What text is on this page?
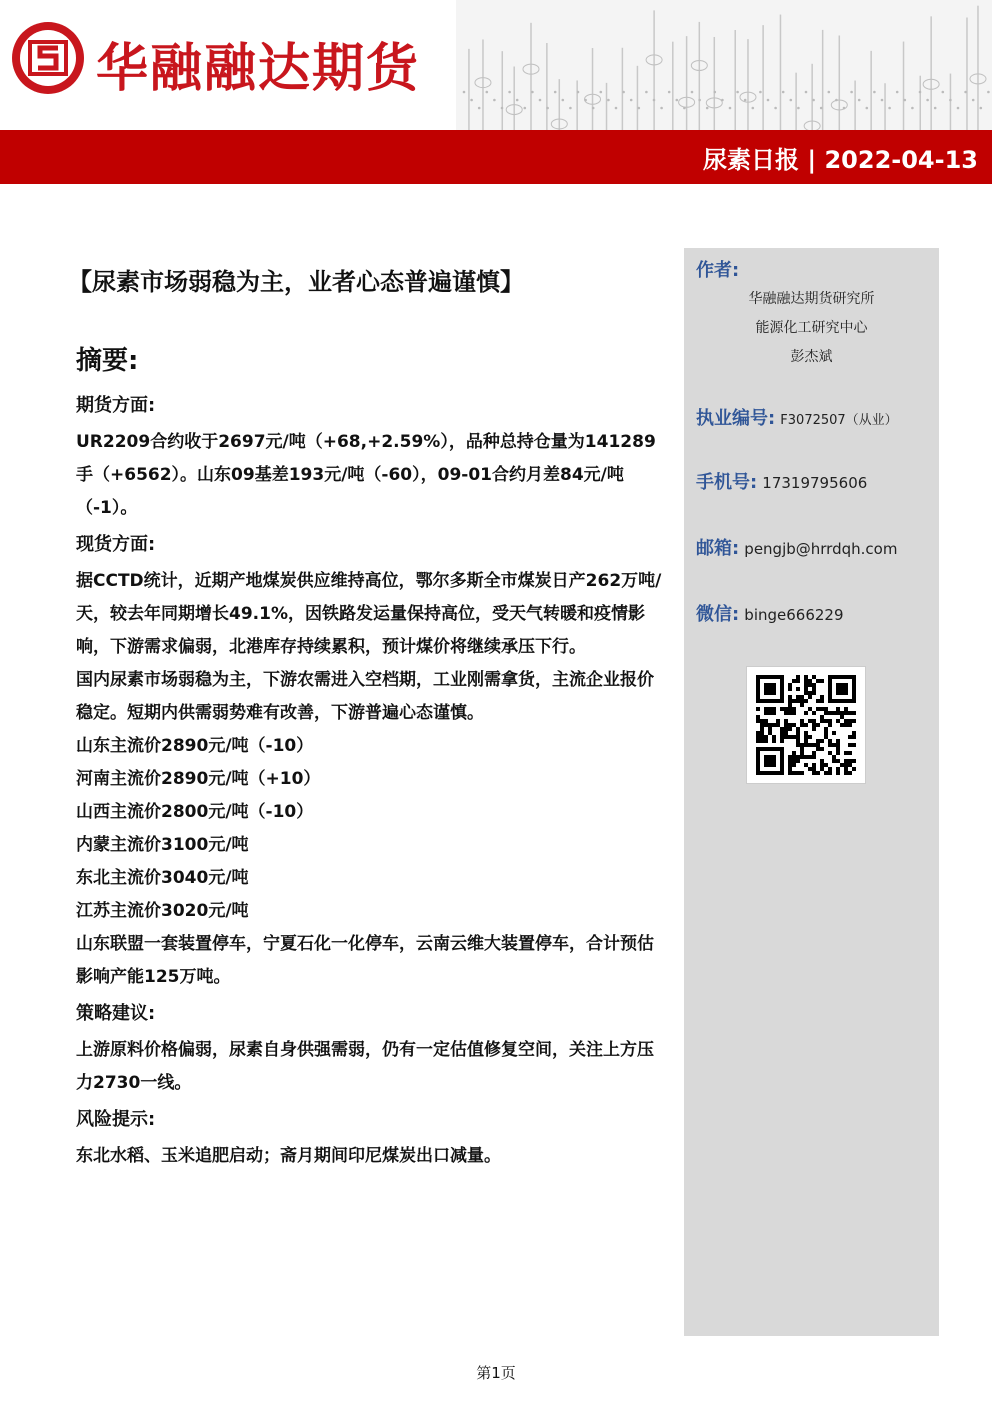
华融融达期货
尿素日报 | 2022-04-13
【尿素市场弱稳为主，业者心态普遍谨慎】
摘要:
期货方面:
UR2209合约收于2697元/吨（+68,+2.59%），品种总持仓量为141289手（+6562）。山东09基差193元/吨（-60），09-01合约月差84元/吨（-1）。
现货方面:
据CCTD统计，近期产地煤炭供应维持高位，鄂尔多斯全市煤炭日产262万吨/天，较去年同期增长49.1%，因铁路发运量保持高位，受天气转暖和疫情影响，下游需求偏弱，北港库存持续累积，预计煤价将继续承压下行。
国内尿素市场弱稳为主，下游农需进入空档期，工业刚需拿货，主流企业报价稳定。短期内供需弱势难有改善，下游普遍心态谨慎。
山东主流价2890元/吨（-10）
河南主流价2890元/吨（+10）
山西主流价2800元/吨（-10）
内蒙主流价3100元/吨
东北主流价3040元/吨
江苏主流价3020元/吨
山东联盟一套装置停车，宁夏石化一化停车，云南云维大装置停车，合计预估影响产能125万吨。
策略建议:
上游原料价格偏弱，尿素自身供强需弱，仍有一定估值修复空间，关注上方压力2730一线。
风险提示:
东北水稻、玉米追肥启动；斋月期间印尼煤炭出口减量。
作者:
华融融达期货研究所
能源化工研究中心
彭杰斌
执业编号: F3072507（从业）
手机号: 17319795606
邮箱: pengjb@hrrdqh.com
微信: binge666229
第1页
